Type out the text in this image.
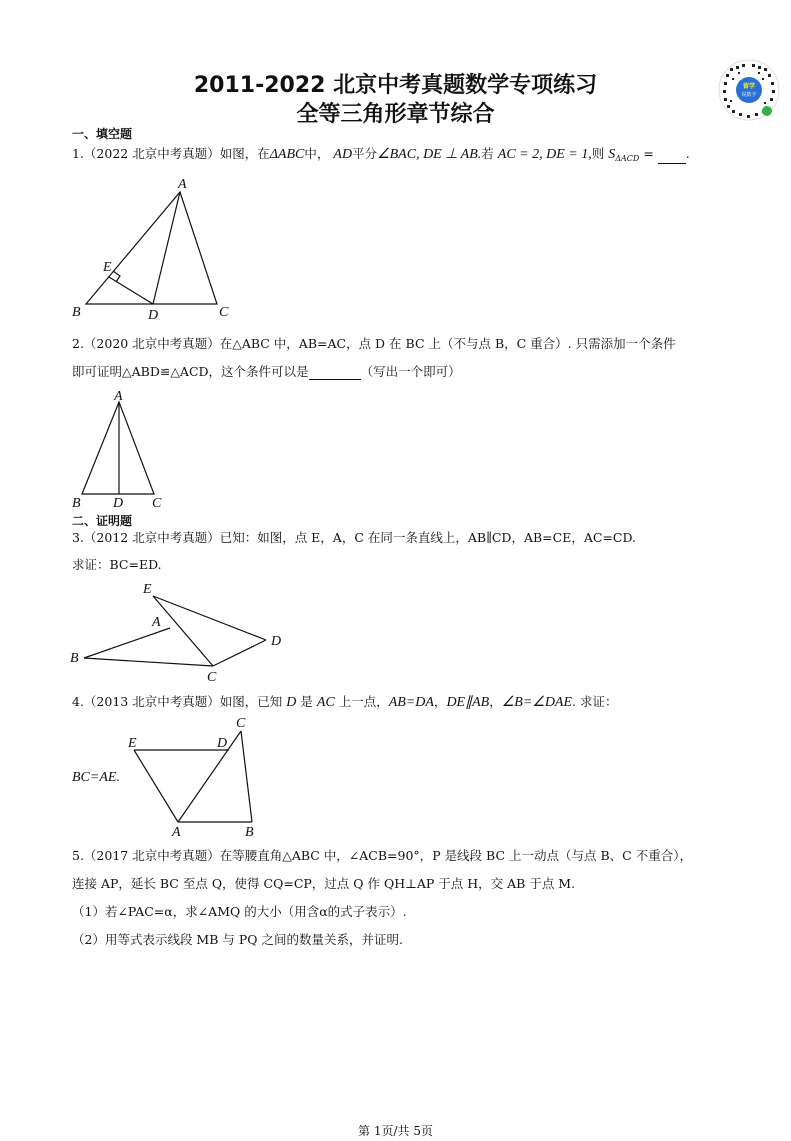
2011-2022 北京中考真题数学专项练习
全等三角形章节综合
留学
说数字
一、填空题
1.（2022 北京中考真题）如图，在ΔABC中， AD平分∠BAC, DE ⊥ AB.若 AC = 2, DE = 1,则 $S_{\Delta ACD}$ =	.
A
B	C
D
E
2.（2020 北京中考真题）在△ABC 中，AB=AC，点 D 在 BC 上（不与点 B，C 重合）. 只需添加一个条件
即可证明△ABD≌△ACD，这个条件可以是	（写出一个即可）
A
B D C
二、证明题
3.（2012 北京中考真题）已知：如图，点 E，A，C 在同一条直线上，AB∥CD，AB=CE，AC=CD.
求证：BC=ED.
E
A
B
C
D
4.（2013 北京中考真题）如图，已知 D 是 AC 上一点，AB=DA，DE∥AB，∠B=∠DAE. 求证：
BC=AE.
E	D
C
A	B
5.（2017 北京中考真题）在等腰直角△ABC 中，∠ACB=90°，P 是线段 BC 上一动点（与点 B、C 不重合），
连接 AP，延长 BC 至点 Q，使得 CQ=CP，过点 Q 作 QH⊥AP 于点 H，交 AB 于点 M.
（1）若∠PAC=α，求∠AMQ 的大小（用含α的式子表示）.
（2）用等式表示线段 MB 与 PQ 之间的数量关系，并证明.
第 1页/共 5页
